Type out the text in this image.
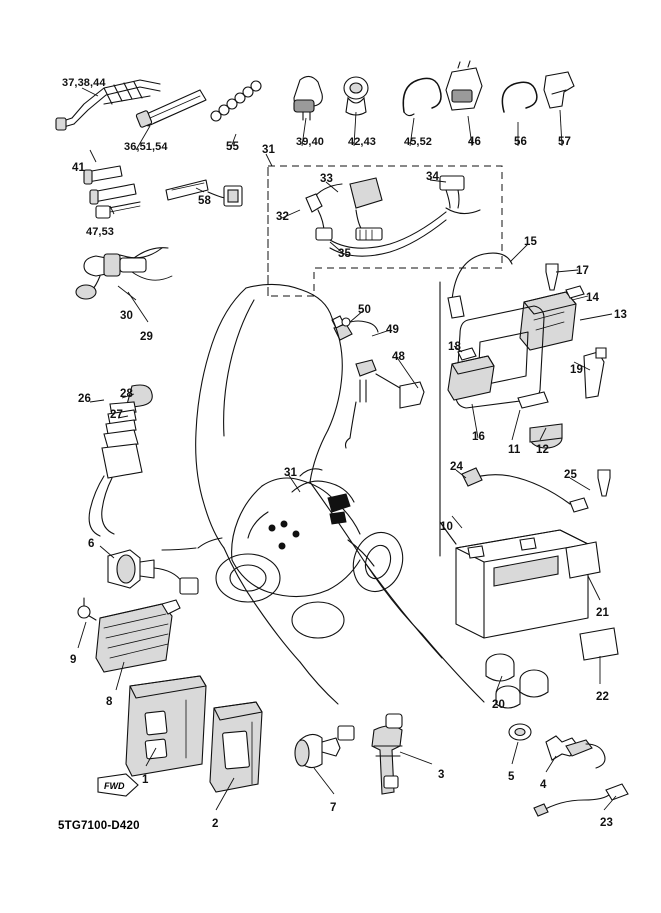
FWD
37,38,44
36,51,54	55 31
39,40 42,43	45,52	46	56	57
41
33	34
58
32
47,53
35
15
17
14
13
30
29
50
49
18
19
48
26	28
27
16
11 12
24
25
31
10
6
21
9
8	20
22
1
2
7
3	5
4
23
5TG7100-D420
